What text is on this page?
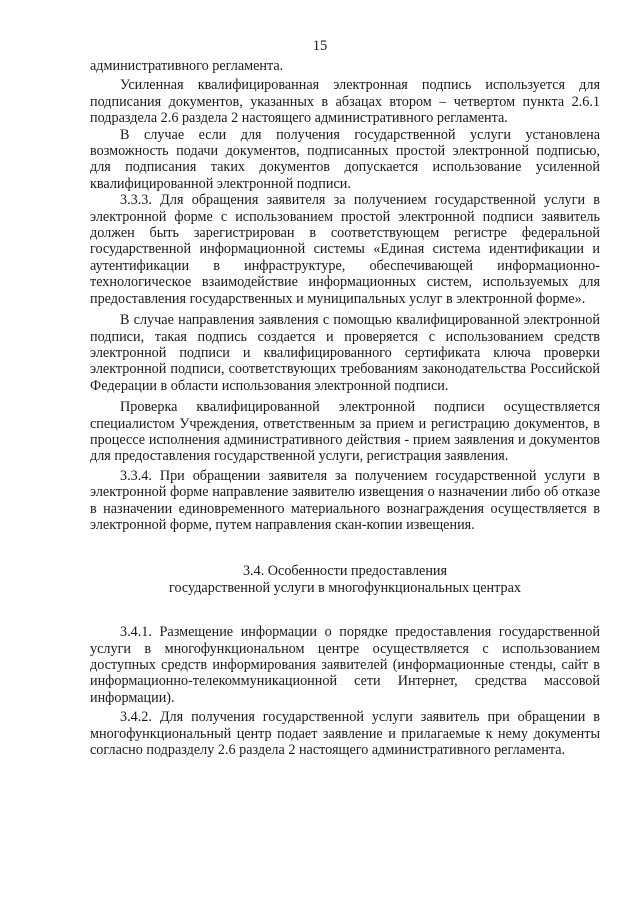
15

административного регламента.

Усиленная квалифицированная электронная подпись используется для подписания документов, указанных в абзацах втором – четвертом пункта 2.6.1 подраздела 2.6 раздела 2 настоящего административного регламента.

В случае если для получения государственной услуги установлена возможность подачи документов, подписанных простой электронной подписью, для подписания таких документов допускается использование усиленной квалифицированной электронной подписи.

3.3.3. Для обращения заявителя за получением государственной услуги в электронной форме с использованием простой электронной подписи заявитель должен быть зарегистрирован в соответствующем регистре федеральной государственной информационной системы «Единая система идентификации и аутентификации в инфраструктуре, обеспечивающей информационно-технологическое взаимодействие информационных систем, используемых для предоставления государственных и муниципальных услуг в электронной форме».

В случае направления заявления с помощью квалифицированной электронной подписи, такая подпись создается и проверяется с использованием средств электронной подписи и квалифицированного сертификата ключа проверки электронной подписи, соответствующих требованиям законодательства Российской Федерации в области использования электронной подписи.

Проверка квалифицированной электронной подписи осуществляется специалистом Учреждения, ответственным за прием и регистрацию документов, в процессе исполнения административного действия - прием заявления и документов для предоставления государственной услуги, регистрация заявления.

3.3.4. При обращении заявителя за получением государственной услуги в электронной форме направление заявителю извещения о назначении либо об отказе в назначении единовременного материального вознаграждения осуществляется в электронной форме, путем направления скан-копии извещения.

3.4. Особенности предоставления
государственной услуги в многофункциональных центрах

3.4.1. Размещение информации о порядке предоставления государственной услуги в многофункциональном центре осуществляется с использованием доступных средств информирования заявителей (информационные стенды, сайт в информационно-телекоммуникационной сети Интернет, средства массовой информации).

3.4.2. Для получения государственной услуги заявитель при обращении в многофункциональный центр подает заявление и прилагаемые к нему документы согласно подразделу 2.6 раздела 2 настоящего административного регламента.
